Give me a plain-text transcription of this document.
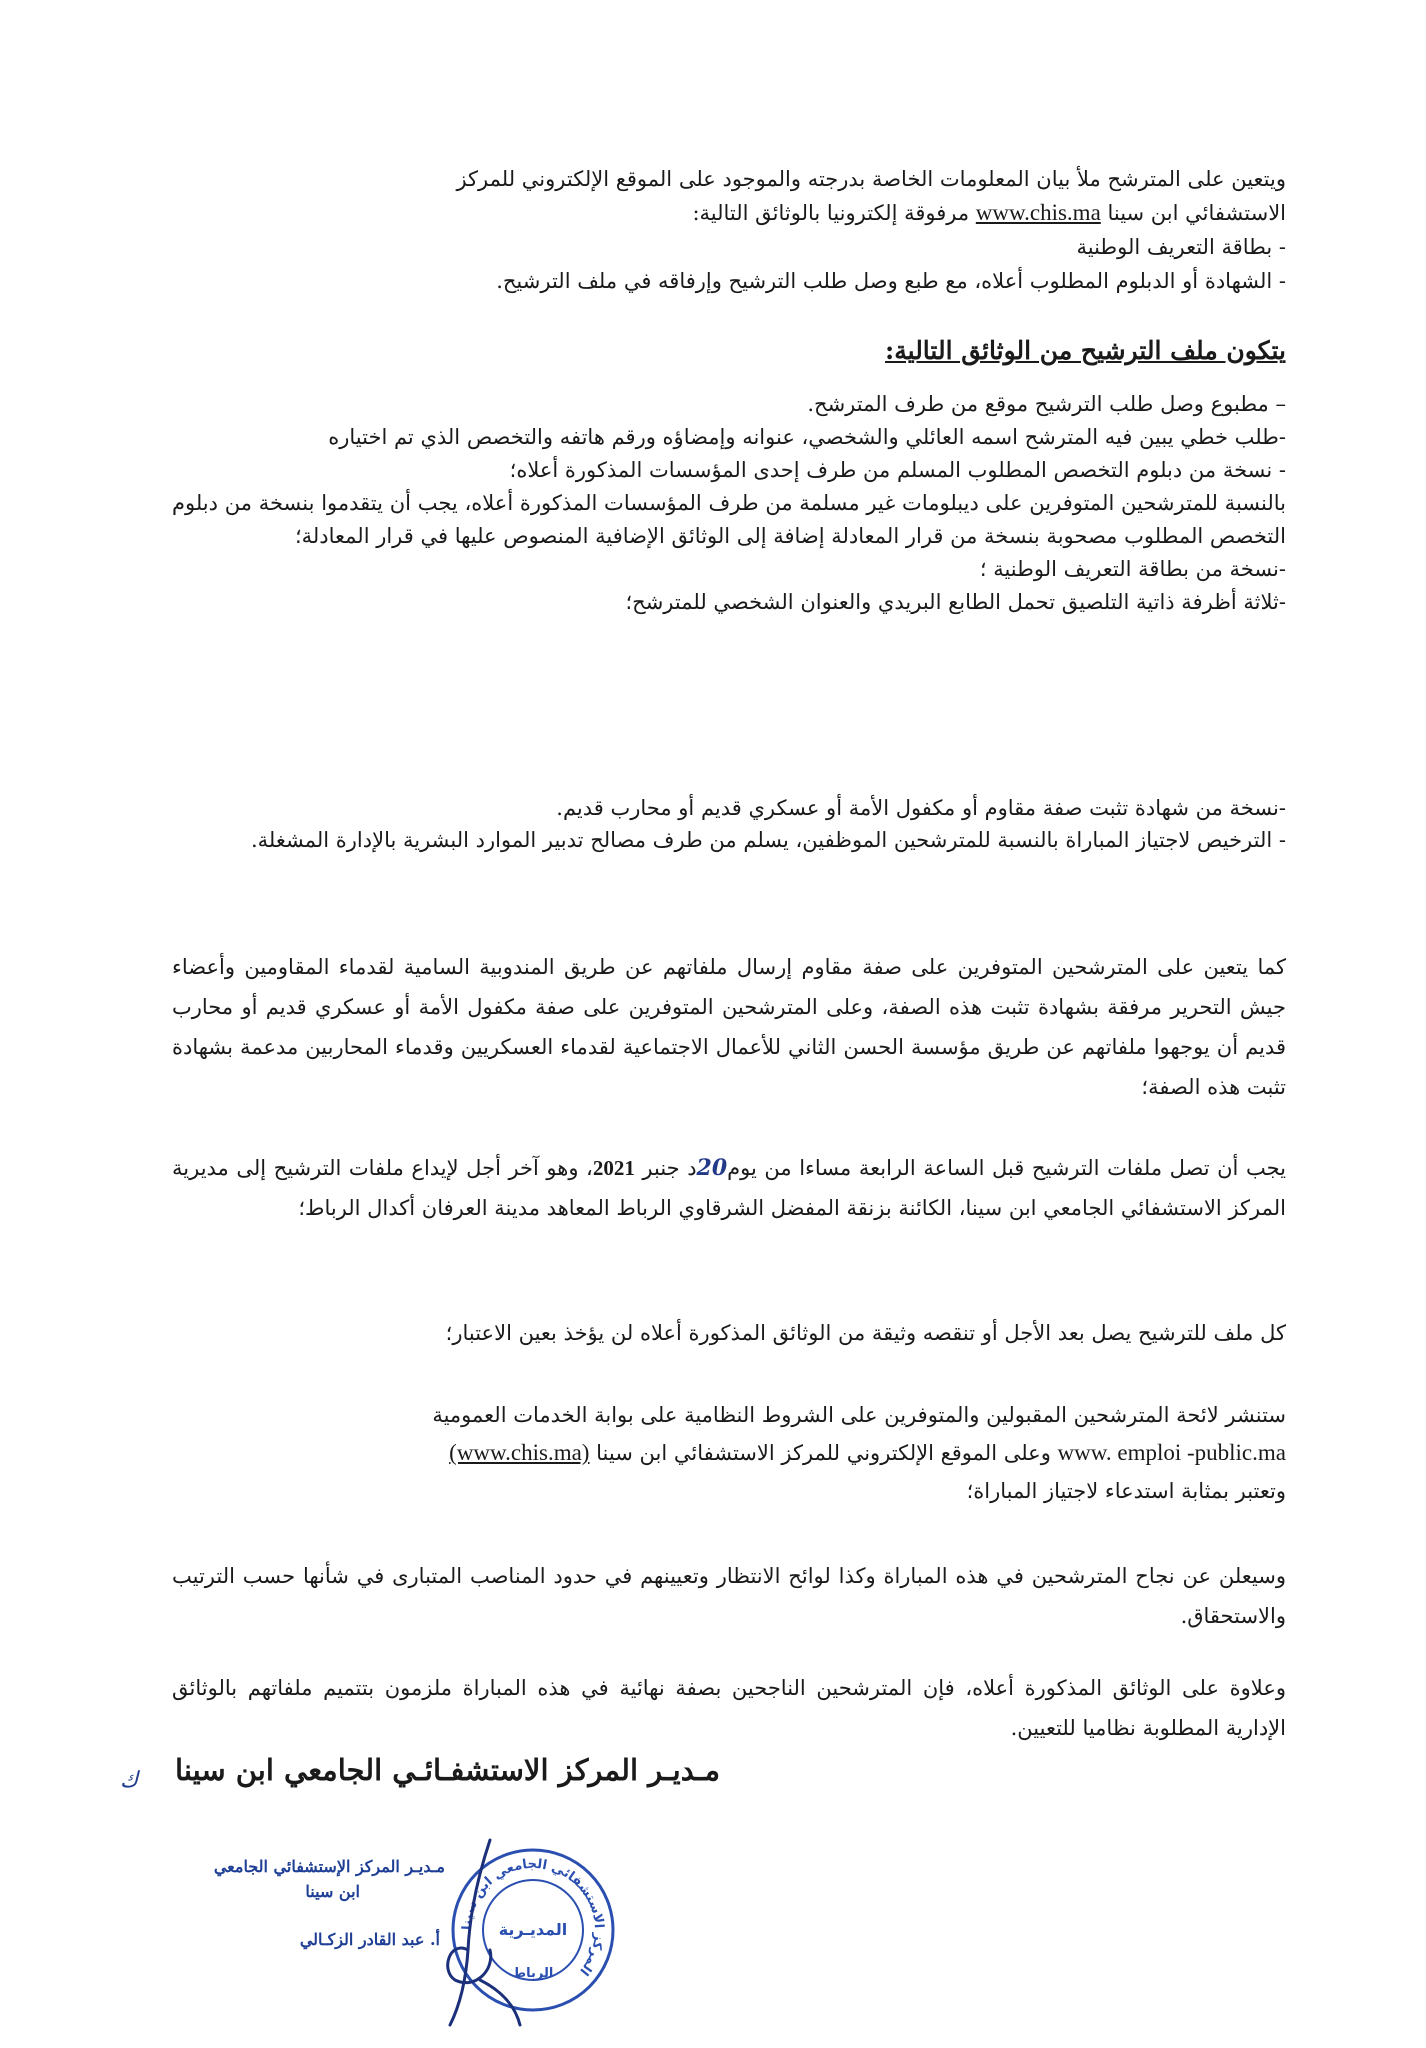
ويتعين على المترشح ملأ بيان المعلومات الخاصة بدرجته والموجود على الموقع الإلكتروني للمركز

الاستشفائي ابن سينا www.chis.ma مرفوقة إلكترونيا بالوثائق التالية:

- بطاقة التعريف الوطنية

- الشهادة أو الدبلوم المطلوب أعلاه، مع طبع وصل طلب الترشيح وإرفاقه في ملف الترشيح.

يتكون ملف الترشيح من الوثائق التالية:

– مطبوع وصل طلب الترشيح موقع من طرف المترشح.

-طلب خطي يبين فيه المترشح اسمه العائلي والشخصي، عنوانه وإمضاؤه ورقم هاتفه والتخصص الذي تم اختياره

- نسخة من دبلوم التخصص المطلوب المسلم من طرف إحدى المؤسسات المذكورة أعلاه؛

بالنسبة للمترشحين المتوفرين على ديبلومات غير مسلمة من طرف المؤسسات المذكورة أعلاه، يجب أن يتقدموا بنسخة من دبلوم التخصص المطلوب مصحوبة بنسخة من قرار المعادلة إضافة إلى الوثائق الإضافية المنصوص عليها في قرار المعادلة؛

-نسخة من بطاقة التعريف الوطنية ؛

-ثلاثة أظرفة ذاتية التلصيق تحمل الطابع البريدي والعنوان الشخصي للمترشح؛

-نسخة من شهادة تثبت صفة مقاوم أو مكفول الأمة أو عسكري قديم أو محارب قديم.

- الترخيص لاجتياز المباراة بالنسبة للمترشحين الموظفين، يسلم من طرف مصالح تدبير الموارد البشرية بالإدارة المشغلة.

كما يتعين على المترشحين المتوفرين على صفة مقاوم إرسال ملفاتهم عن طريق المندوبية السامية لقدماء المقاومين وأعضاء جيش التحرير مرفقة بشهادة تثبت هذه الصفة، وعلى المترشحين المتوفرين على صفة مكفول الأمة أو عسكري قديم أو محارب قديم أن يوجهوا ملفاتهم عن طريق مؤسسة الحسن الثاني للأعمال الاجتماعية لقدماء العسكريين وقدماء المحاربين مدعمة بشهادة تثبت هذه الصفة؛
يجب أن تصل ملفات الترشيح قبل الساعة الرابعة مساءا من يوم20د جنبر 2021، وهو آخر أجل لإيداع ملفات الترشيح إلى مديرية المركز الاستشفائي الجامعي ابن سينا، الكائنة بزنقة المفضل الشرقاوي الرباط المعاهد مدينة العرفان أكدال الرباط؛
كل ملف للترشيح يصل بعد الأجل أو تنقصه وثيقة من الوثائق المذكورة أعلاه لن يؤخذ بعين الاعتبار؛

ستنشر لائحة المترشحين المقبولين والمتوفرين على الشروط النظامية على بوابة الخدمات العمومية

www. emploi -public.ma وعلى الموقع الإلكتروني للمركز الاستشفائي ابن سينا (www.chis.ma)

وتعتبر بمثابة استدعاء لاجتياز المباراة؛

وسيعلن عن نجاح المترشحين في هذه المباراة وكذا لوائح الانتظار وتعيينهم في حدود المناصب المتبارى في شأنها حسب الترتيب والاستحقاق.
وعلاوة على الوثائق المذكورة أعلاه، فإن المترشحين الناجحين بصفة نهائية في هذه المباراة ملزمون بتتميم ملفاتهم بالوثائق الإدارية المطلوبة نظاميا للتعيين.
مـديـر المركز الاستشفـائـي الجامعي ابن سينا
ﻙ
مـديـر المركز الإستشفائي الجامعي
ابن سينا
أ. عبد القادر الزكـالي
المركز الاستشفائي الجامعي ابن سينا
المديـرية
الرباط
